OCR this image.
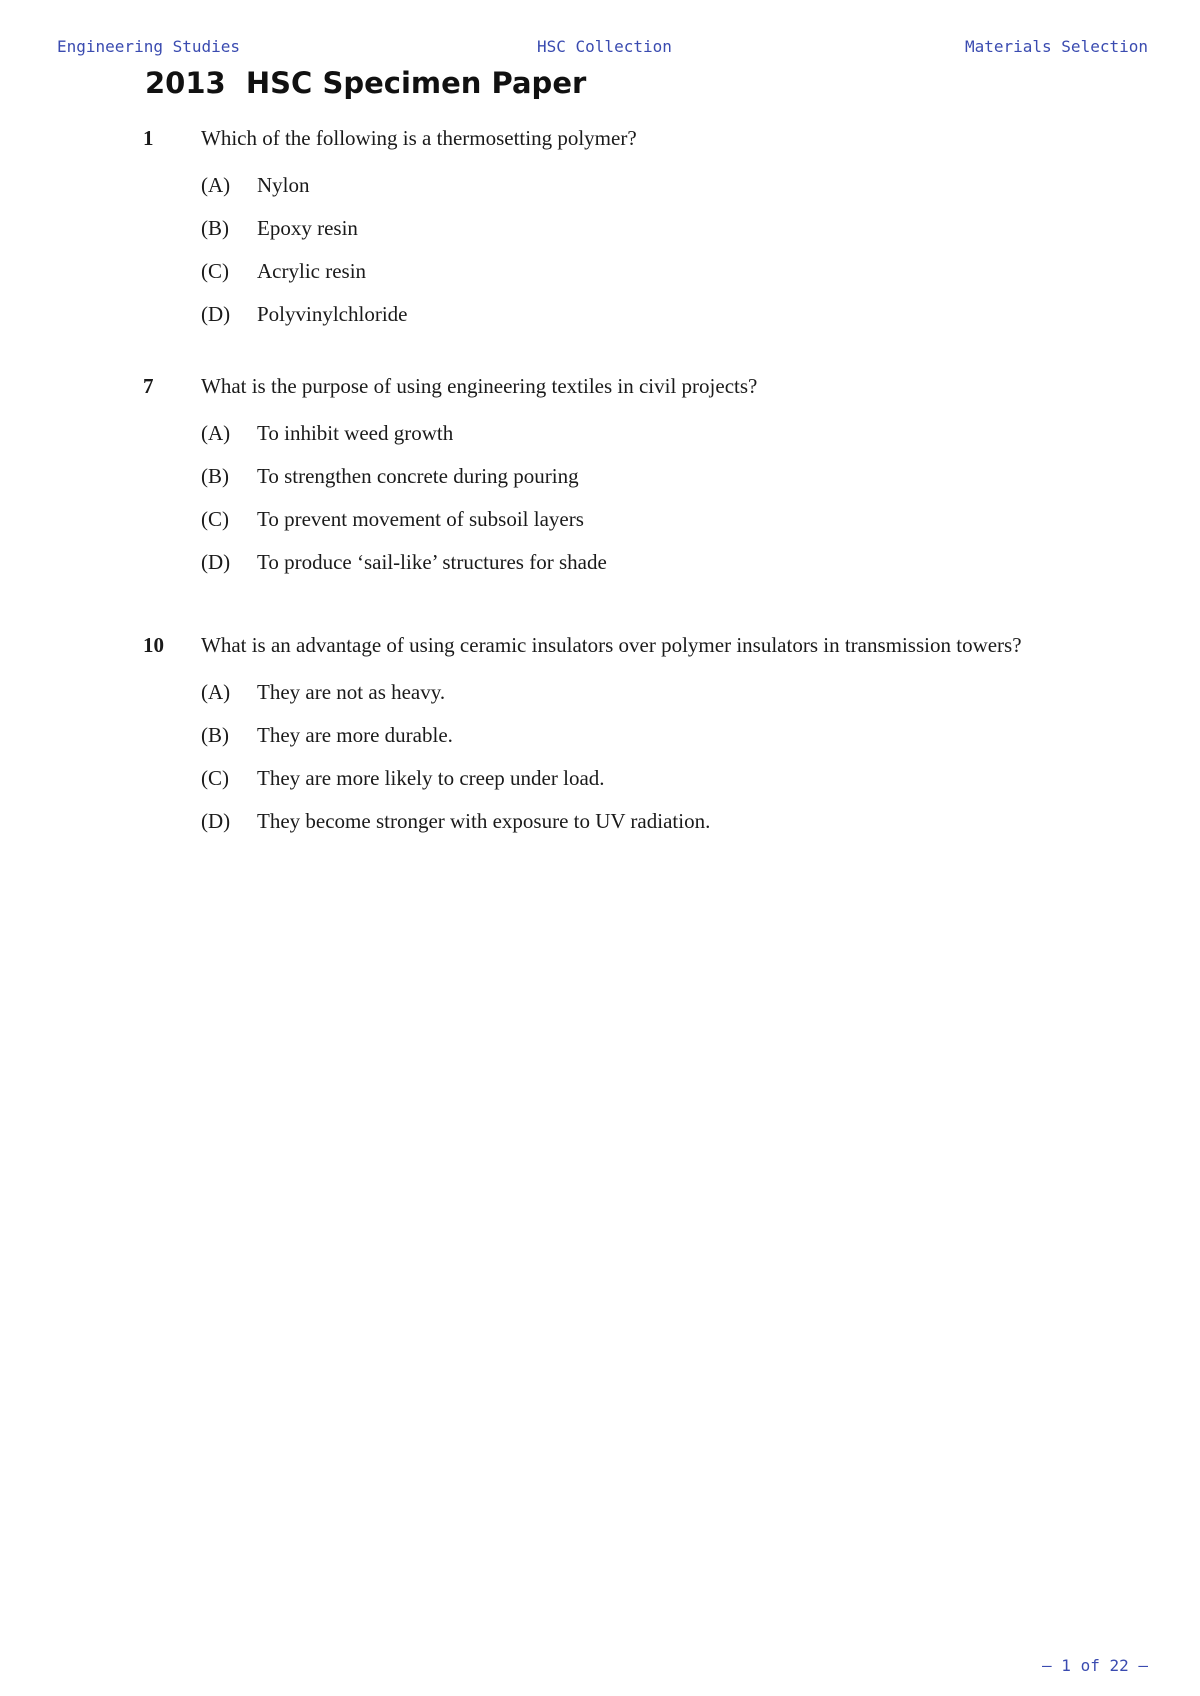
Engineering Studies	HSC Collection	Materials Selection
2013  HSC Specimen Paper
1 Which of the following is a thermosetting polymer?
(A) Nylon
(B) Epoxy resin
(C) Acrylic resin
(D) Polyvinylchloride
7 What is the purpose of using engineering textiles in civil projects?
(A) To inhibit weed growth
(B) To strengthen concrete during pouring
(C) To prevent movement of subsoil layers
(D) To produce ‘sail-like’ structures for shade
10 What is an advantage of using ceramic insulators over polymer insulators in transmission towers?
(A) They are not as heavy.
(B) They are more durable.
(C) They are more likely to creep under load.
(D) They become stronger with exposure to UV radiation.
– 1 of 22 –
